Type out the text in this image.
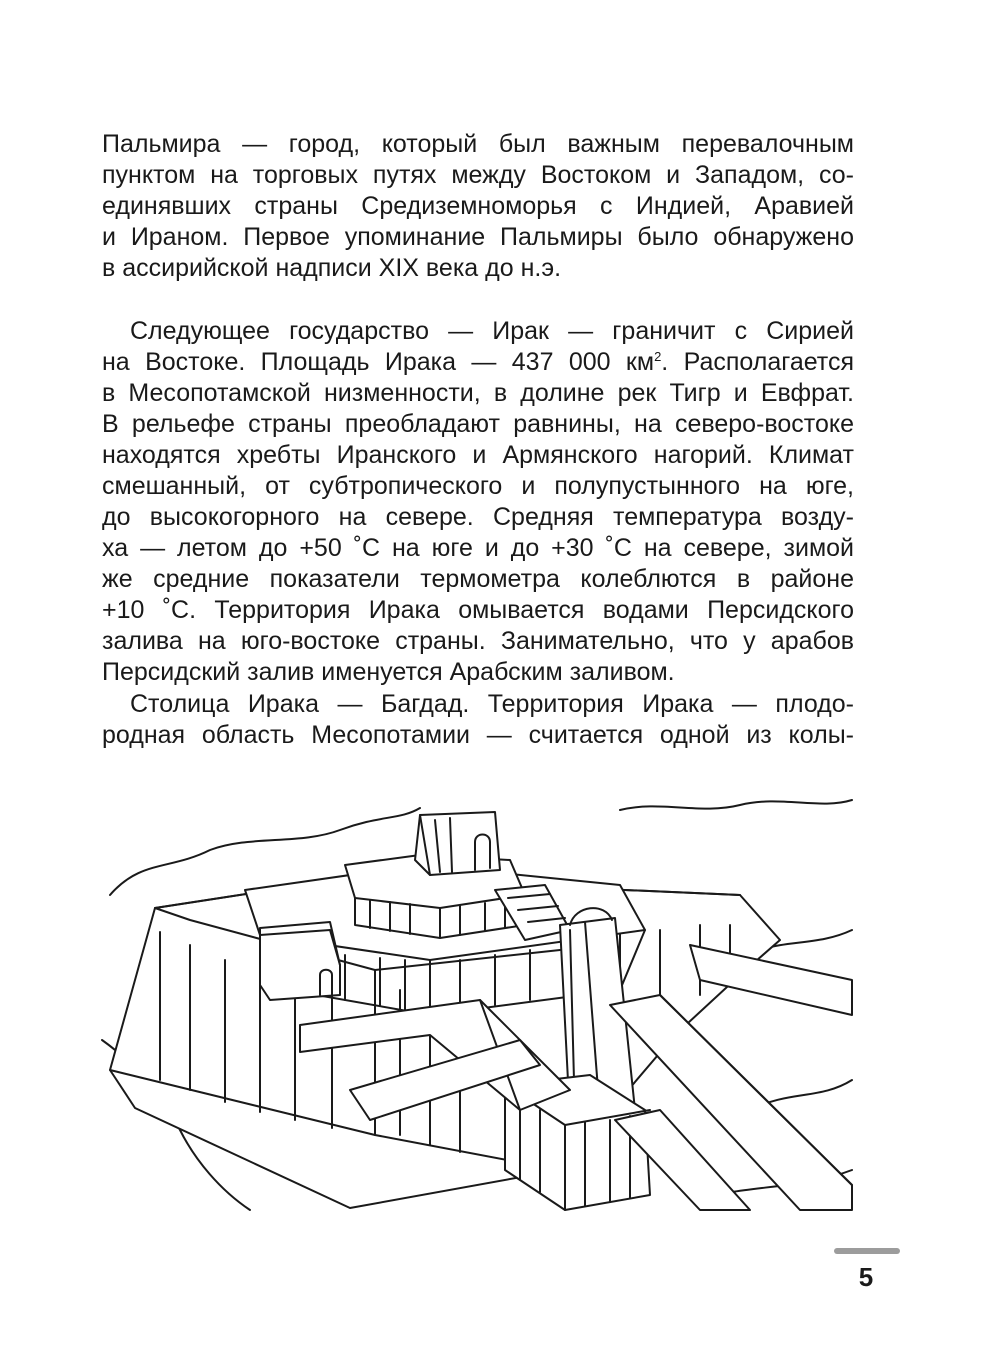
Пальмира — город, который был важным перевалочным
пунктом на торговых путях между Востоком и Западом, со-
единявших страны Средиземноморья с Индией, Аравией
и Ираном. Первое упоминание Пальмиры было обнаружено
в ассирийской надписи XIX века до н.э.
Следующее государство — Ирак — граничит с Сирией
на Востоке. Площадь Ирака — 437 000 $км^2$. Располагается
в Месопотамской низменности, в долине рек Тигр и Евфрат.
В рельефе страны преобладают равнины, на северо-востоке
находятся хребты Иранского и Армянского нагорий. Климат
смешанный, от субтропического и полупустынного на юге,
до высокогорного на севере. Средняя температура возду-
ха — летом до +50 ˚С на юге и до +30 ˚С на севере, зимой
же средние показатели термометра колеблются в районе
+10 ˚С. Территория Ирака омывается водами Персидского
залива на юго-востоке страны. Занимательно, что у арабов
Персидский залив именуется Арабским заливом.
Столица Ирака — Багдад. Территория Ирака — плодо-
родная область Месопотамии — считается одной из колы-
5
